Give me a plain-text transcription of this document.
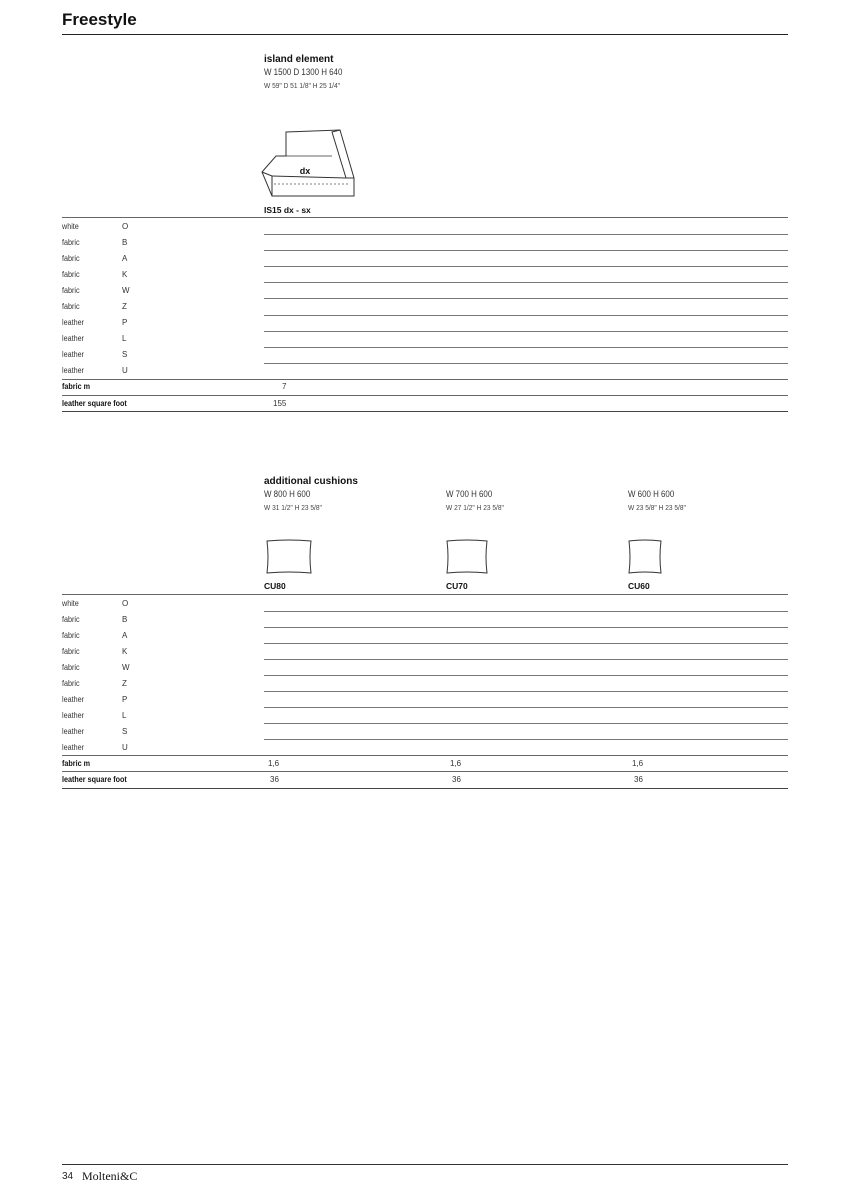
Freestyle
island element
W 1500 D 1300 H 640
W 59" D 51 1/8" H 25 1/4"
dx
IS15 dx - sx
white	O
fabric	B
fabric	A
fabric	K
fabric	W
fabric	Z
leather	P
leather	L
leather	S
leather	U
fabric m	7
leather square foot	155
additional cushions
W 800 H 600
W 31 1/2" H 23 5/8"
W 700 H 600
W 27 1/2" H 23 5/8"
W 600 H 600
W 23 5/8" H 23 5/8"
CU80	CU70	CU60
white	O
fabric	B
fabric	A
fabric	K
fabric	W
fabric	Z
leather	P
leather	L
leather	S
leather	U
fabric m	1,6	1,6	1,6
leather square foot	36	36	36
34 Molteni&C
